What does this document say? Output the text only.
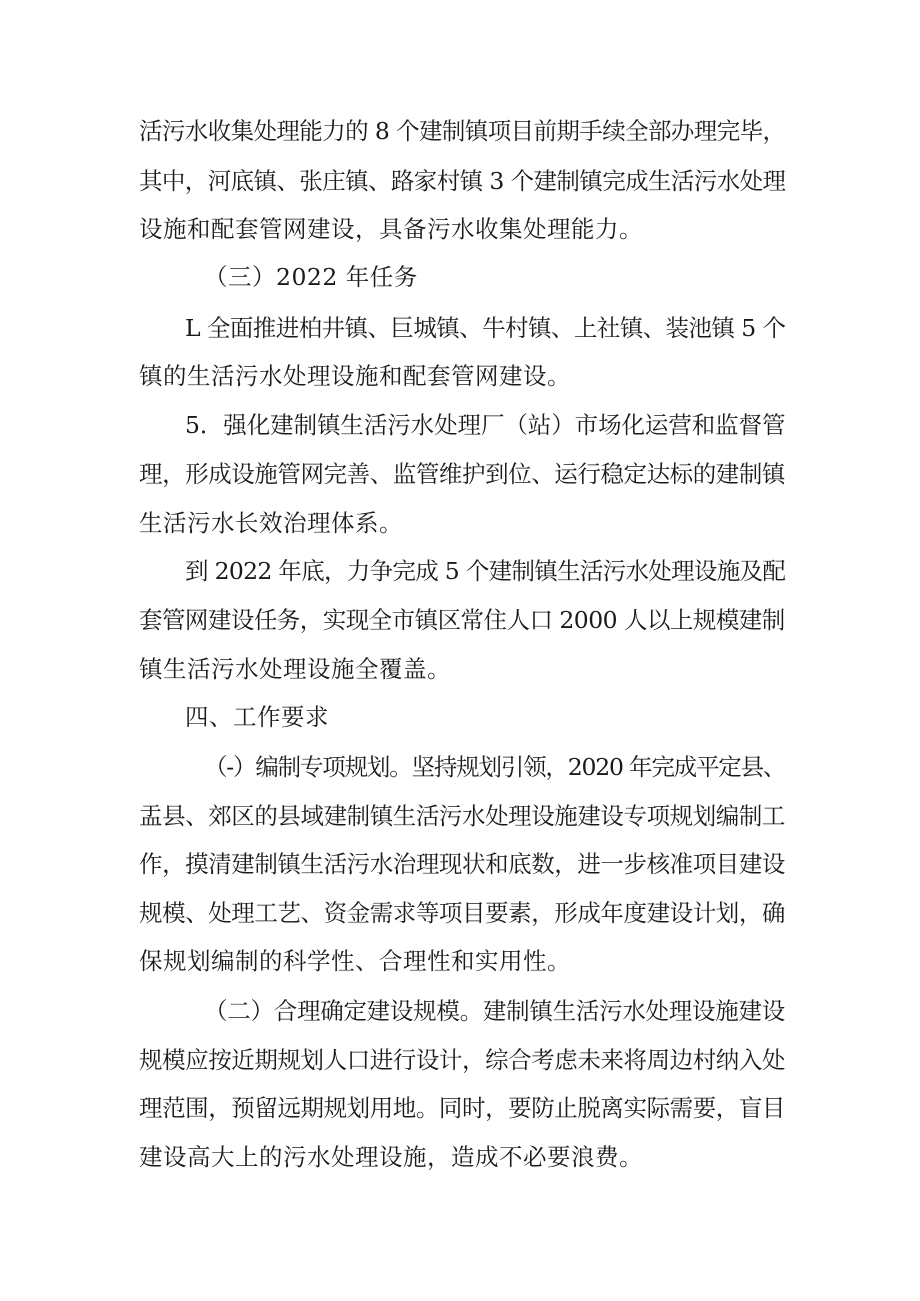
活污水收集处理能力的 8 个建制镇项目前期手续全部办理完毕，
其中，河底镇、张庄镇、路家村镇 3 个建制镇完成生活污水处理
设施和配套管网建设，具备污水收集处理能力。
（三）2022 年任务
L 全面推进柏井镇、巨城镇、牛村镇、上社镇、装池镇 5 个
镇的生活污水处理设施和配套管网建设。
5．强化建制镇生活污水处理厂（站）市场化运营和监督管
理，形成设施管网完善、监管维护到位、运行稳定达标的建制镇
生活污水长效治理体系。
到 2022 年底，力争完成 5 个建制镇生活污水处理设施及配
套管网建设任务，实现全市镇区常住人口 2000 人以上规模建制
镇生活污水处理设施全覆盖。
四、工作要求
（-）编制专项规划。坚持规划引领，2020 年完成平定县、
盂县、郊区的县域建制镇生活污水处理设施建设专项规划编制工
作，摸清建制镇生活污水治理现状和底数，进一步核准项目建设
规模、处理工艺、资金需求等项目要素，形成年度建设计划，确
保规划编制的科学性、合理性和实用性。
（二）合理确定建设规模。建制镇生活污水处理设施建设
规模应按近期规划人口进行设计，综合考虑未来将周边村纳入处
理范围，预留远期规划用地。同时，要防止脱离实际需要，盲目
建设高大上的污水处理设施，造成不必要浪费。
